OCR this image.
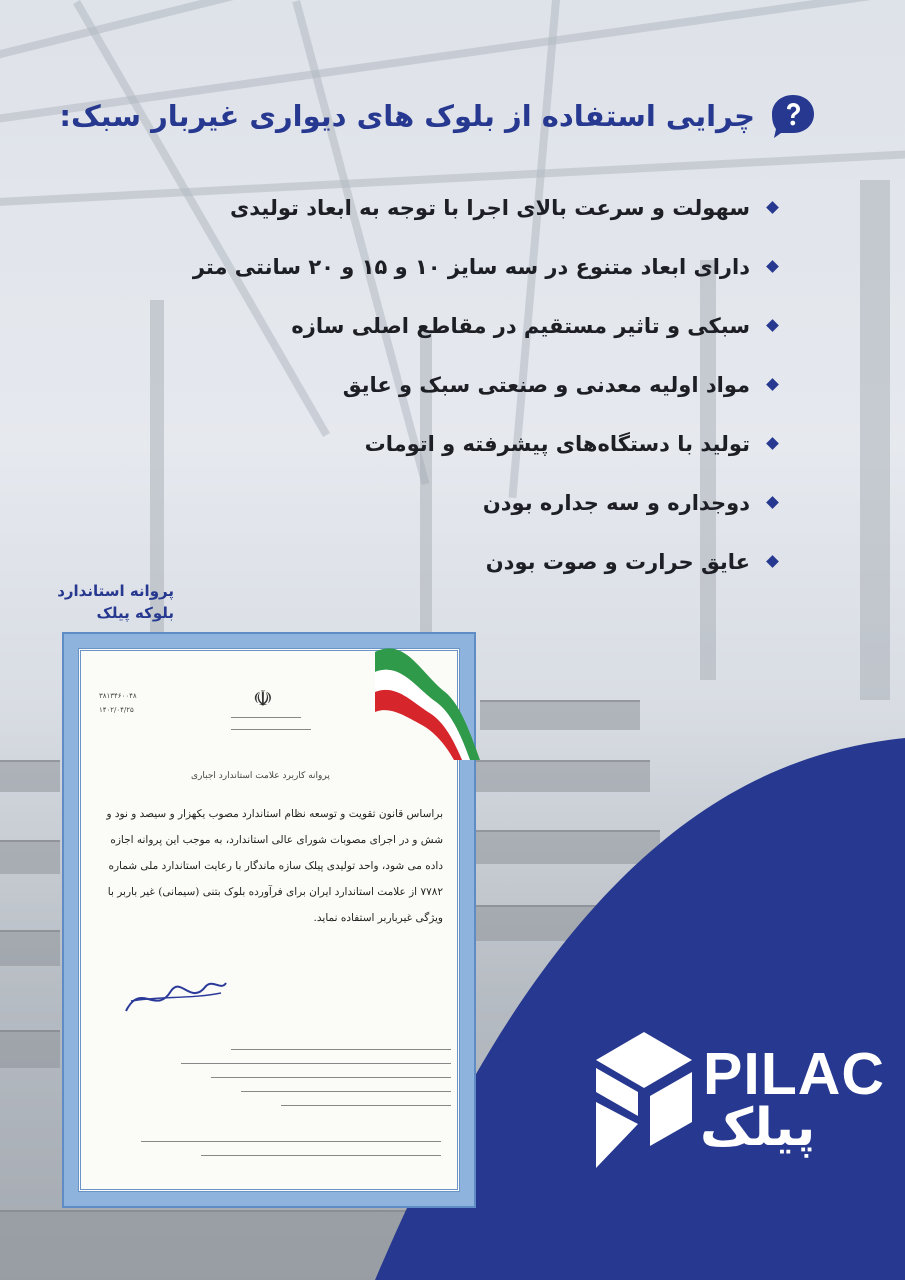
چرایی استفاده از بلوک های دیواری غیربار سبک:
سهولت و سرعت بالای اجرا با توجه به ابعاد تولیدی
دارای ابعاد متنوع در سه سایز ۱۰ و ۱۵ و ۲۰ سانتی متر
سبکی و تاثیر مستقیم در مقاطع اصلی سازه
مواد اولیه معدنی و صنعتی سبک و عایق
تولید با دستگاه‌های پیشرفته و اتومات
دوجداره و سه جداره بودن
عایق حرارت و صوت بودن
پروانه استاندارد
بلوکه پیلک
☫
۳۸۱۳۴۶۰۰۴۸
۱۴۰۲/۰۴/۲۵
پروانه کاربرد علامت استاندارد اجباری
براساس قانون تقویت و توسعه نظام استاندارد مصوب یکهزار و سیصد و نود و شش و در اجرای مصوبات شورای عالی استاندارد، به موجب این پروانه اجازه داده می شود، واحد تولیدی پیلک سازه ماندگار با رعایت استاندارد ملی شماره ۷۷۸۲ از علامت استاندارد ایران برای فرآورده بلوک بتنی (سیمانی) غیر باربر با ویژگی غیرباربر استفاده نماید.
PILAC
پیلک
